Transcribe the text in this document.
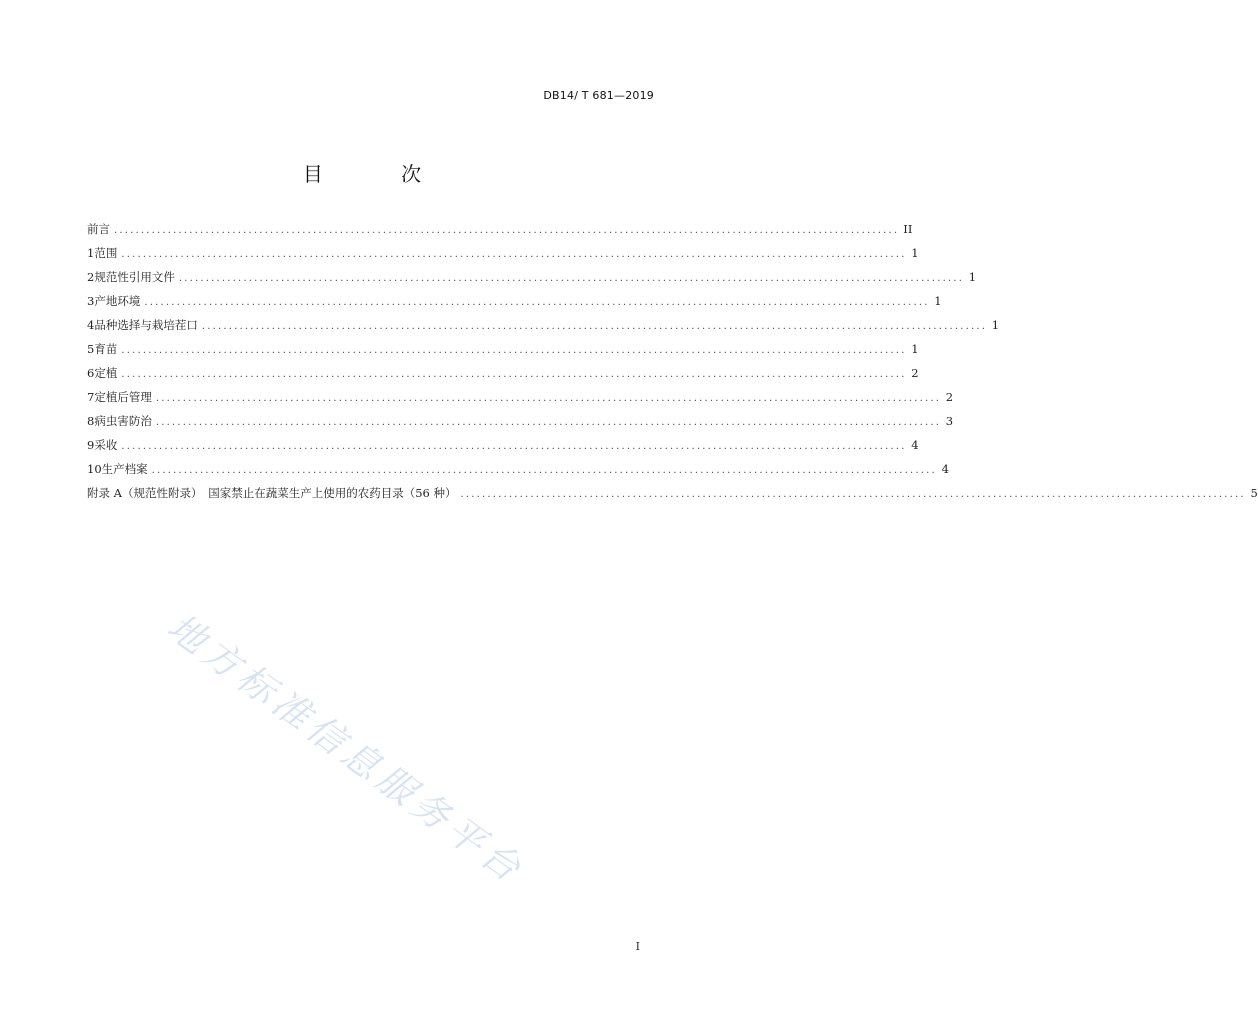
DB14/ T 681—2019
目 次
前言 .................................................................................................................................................. II
1 范围 .................................................................................................................................................. 1
2 规范性引用文件 .................................................................................................................................................. 1
3 产地环境 .................................................................................................................................................. 1
4 品种选择与栽培茬口 .................................................................................................................................................. 1
5 育苗 .................................................................................................................................................. 1
6 定植 .................................................................................................................................................. 2
7 定植后管理 .................................................................................................................................................. 2
8 病虫害防治 .................................................................................................................................................. 3
9 采收 .................................................................................................................................................. 4
10 生产档案 .................................................................................................................................................. 4
附录 A（规范性附录）　国家禁止在蔬菜生产上使用的农药目录（56 种） .................................................................................................................................................. 5
地方标准信息服务平台
I
